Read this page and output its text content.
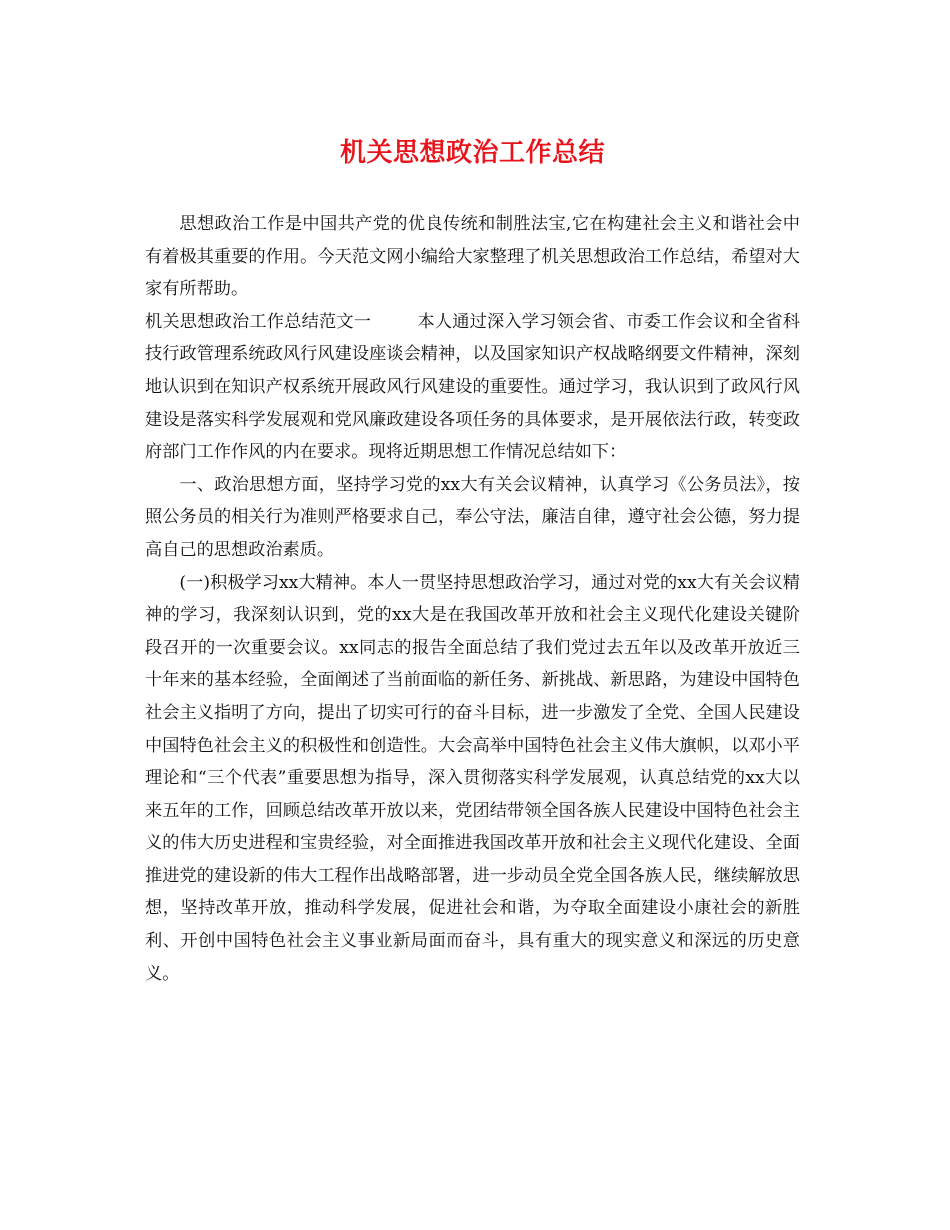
机关思想政治工作总结

思想政治工作是中国共产党的优良传统和制胜法宝,它在构建社会主义和谐社会中有着极其重要的作用。今天范文网小编给大家整理了机关思想政治工作总结，希望对大家有所帮助。

机关思想政治工作总结范文一	本人通过深入学习领会省、市委工作会议和全省科技行政管理系统政风行风建设座谈会精神，以及国家知识产权战略纲要文件精神，深刻地认识到在知识产权系统开展政风行风建设的重要性。通过学习，我认识到了政风行风建设是落实科学发展观和党风廉政建设各项任务的具体要求，是开展依法行政，转变政府部门工作作风的内在要求。现将近期思想工作情况总结如下：

一、政治思想方面，坚持学习党的xx大有关会议精神，认真学习《公务员法》，按照公务员的相关行为准则严格要求自己，奉公守法，廉洁自律，遵守社会公德，努力提高自己的思想政治素质。

(一)积极学习xx大精神。本人一贯坚持思想政治学习，通过对党的xx大有关会议精神的学习，我深刻认识到，党的xx大是在我国改革开放和社会主义现代化建设关键阶段召开的一次重要会议。xx同志的报告全面总结了我们党过去五年以及改革开放近三十年来的基本经验，全面阐述了当前面临的新任务、新挑战、新思路，为建设中国特色社会主义指明了方向，提出了切实可行的奋斗目标，进一步激发了全党、全国人民建设中国特色社会主义的积极性和创造性。大会高举中国特色社会主义伟大旗帜，以邓小平理论和“三个代表”重要思想为指导，深入贯彻落实科学发展观，认真总结党的xx大以来五年的工作，回顾总结改革开放以来，党团结带领全国各族人民建设中国特色社会主义的伟大历史进程和宝贵经验，对全面推进我国改革开放和社会主义现代化建设、全面推进党的建设新的伟大工程作出战略部署，进一步动员全党全国各族人民，继续解放思想，坚持改革开放，推动科学发展，促进社会和谐，为夺取全面建设小康社会的新胜利、开创中国特色社会主义事业新局面而奋斗，具有重大的现实意义和深远的历史意义。
